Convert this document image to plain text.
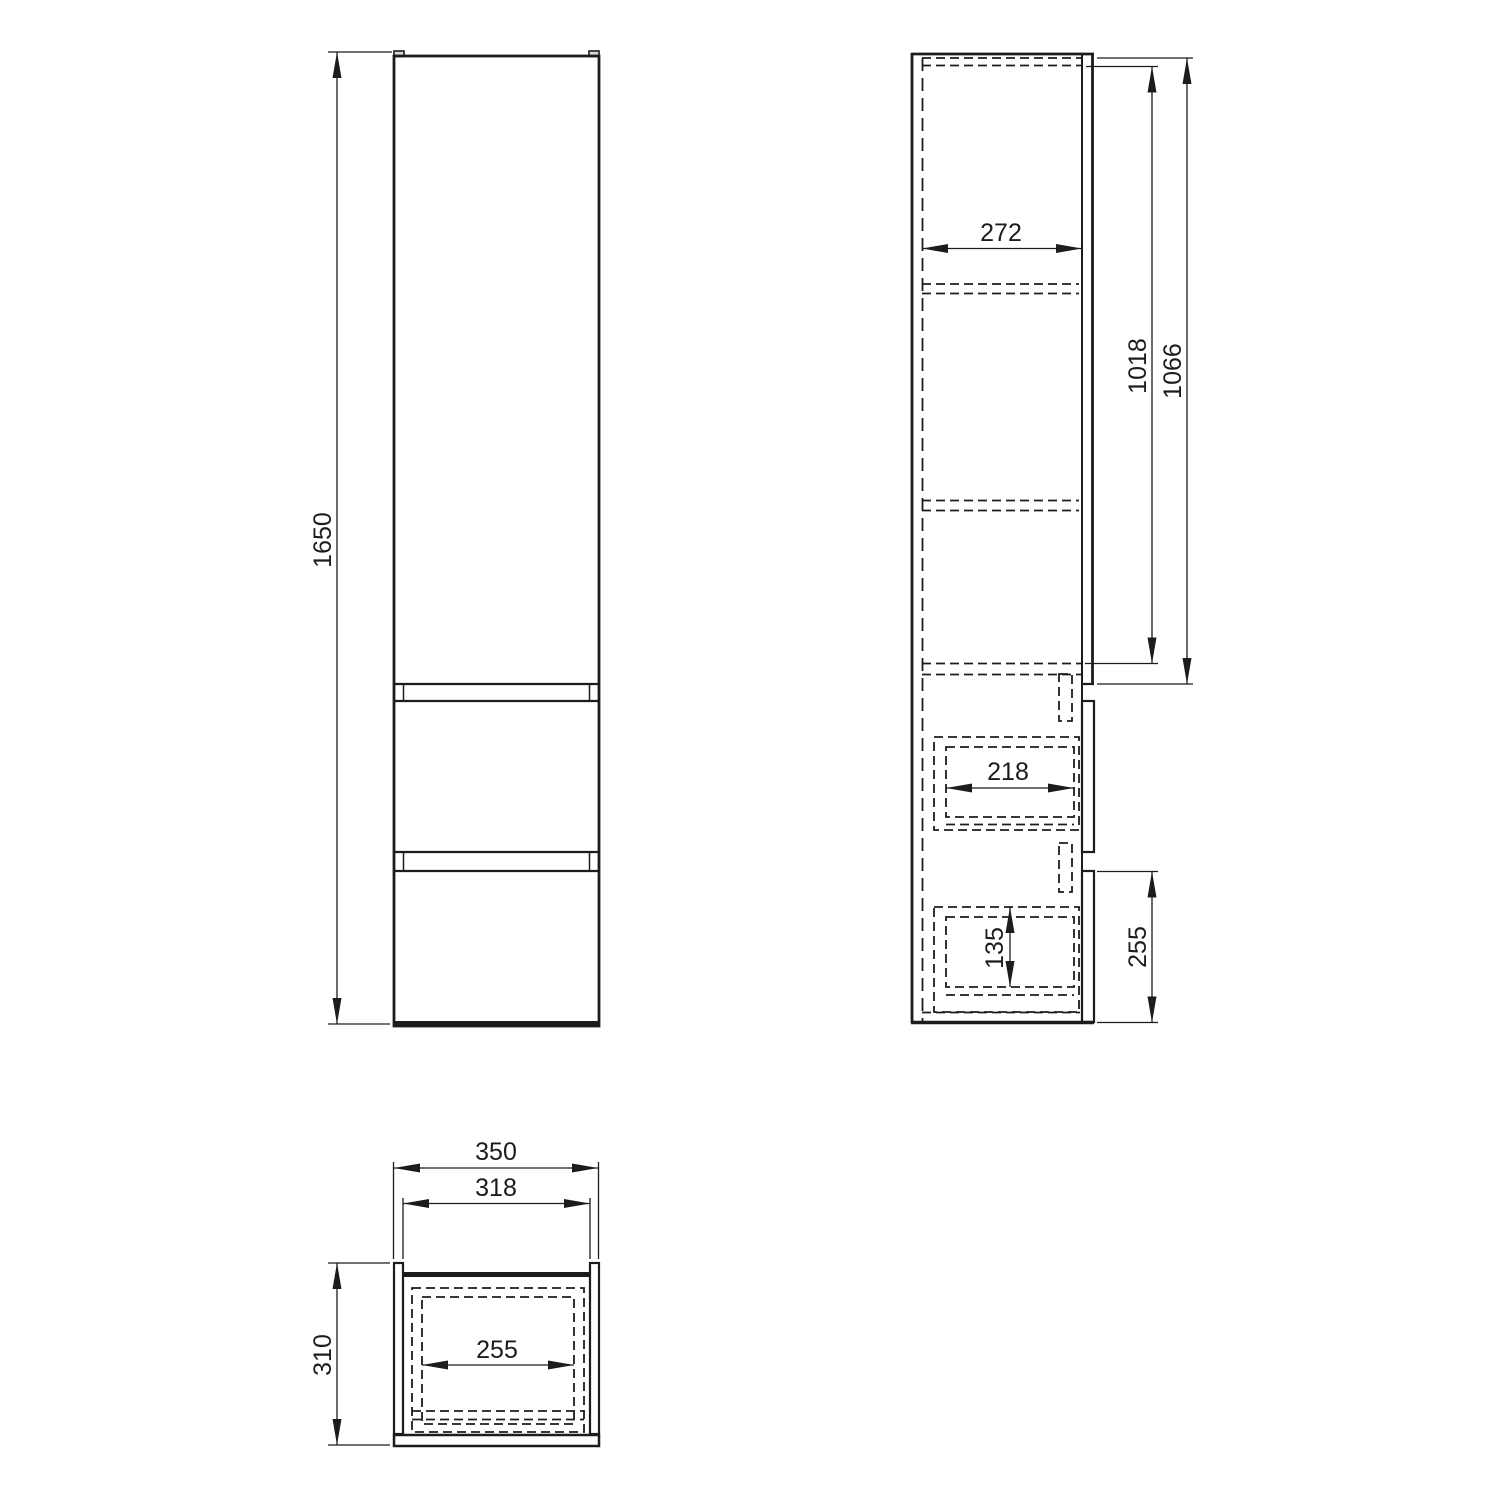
1650
272
1018 1066
218
135	255
350
318
310	255
